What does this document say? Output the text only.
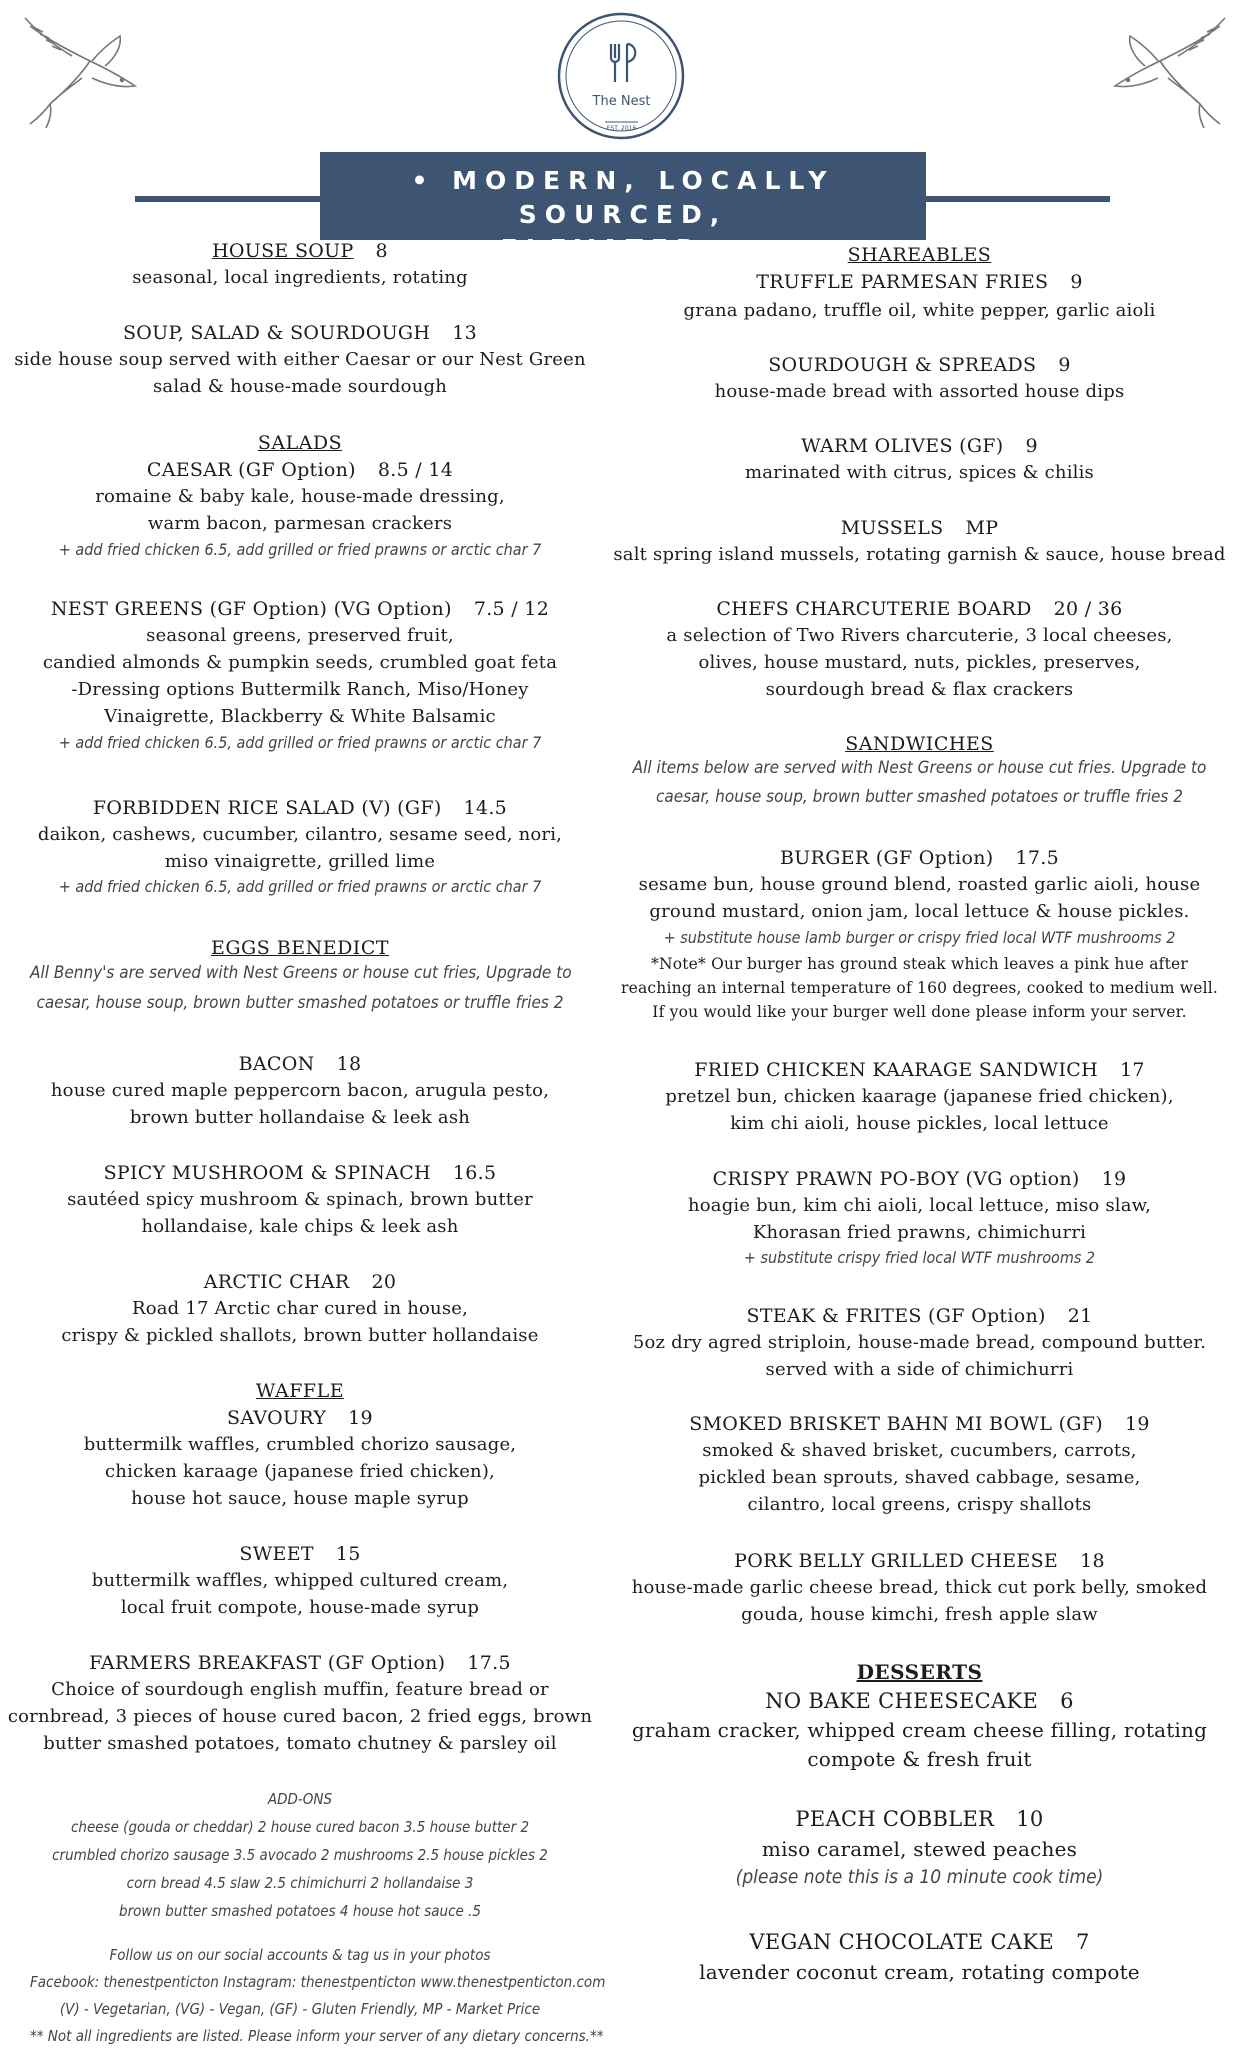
The Nest
EST. 2016
• MODERN, LOCALLY SOURCED,
ELEVATED •
HOUSE SOUP 8
seasonal, local ingredients, rotating
SOUP, SALAD & SOURDOUGH 13
side house soup served with either Caesar or our Nest Green
salad & house-made sourdough
SALADS
CAESAR (GF Option) 8.5 / 14
romaine & baby kale, house-made dressing,
warm bacon, parmesan crackers
+ add fried chicken 6.5, add grilled or fried prawns or arctic char 7
NEST GREENS (GF Option) (VG Option) 7.5 / 12
seasonal greens, preserved fruit,
candied almonds & pumpkin seeds, crumbled goat feta
-Dressing options Buttermilk Ranch, Miso/Honey
Vinaigrette, Blackberry & White Balsamic
+ add fried chicken 6.5, add grilled or fried prawns or arctic char 7
FORBIDDEN RICE SALAD (V) (GF) 14.5
daikon, cashews, cucumber, cilantro, sesame seed, nori,
miso vinaigrette, grilled lime
+ add fried chicken 6.5, add grilled or fried prawns or arctic char 7
EGGS BENEDICT
All Benny's are served with Nest Greens or house cut fries, Upgrade to
caesar, house soup, brown butter smashed potatoes or truffle fries 2
BACON 18
house cured maple peppercorn bacon, arugula pesto,
brown butter hollandaise & leek ash
SPICY MUSHROOM & SPINACH 16.5
sautéed spicy mushroom & spinach, brown butter
hollandaise, kale chips & leek ash
ARCTIC CHAR 20
Road 17 Arctic char cured in house,
crispy & pickled shallots, brown butter hollandaise
WAFFLE
SAVOURY 19
buttermilk waffles, crumbled chorizo sausage,
chicken karaage (japanese fried chicken),
house hot sauce, house maple syrup
SWEET 15
buttermilk waffles, whipped cultured cream,
local fruit compote, house-made syrup
FARMERS BREAKFAST (GF Option) 17.5
Choice of sourdough english muffin, feature bread or
cornbread, 3 pieces of house cured bacon, 2 fried eggs, brown
butter smashed potatoes, tomato chutney & parsley oil
ADD-ONS
cheese (gouda or cheddar) 2 house cured bacon 3.5 house butter 2
crumbled chorizo sausage 3.5 avocado 2 mushrooms 2.5 house pickles 2
corn bread 4.5 slaw 2.5 chimichurri 2 hollandaise 3
brown butter smashed potatoes 4 house hot sauce .5
Follow us on our social accounts & tag us in your photos
Facebook: thenestpenticton Instagram: thenestpenticton www.thenestpenticton.com
(V) - Vegetarian, (VG) - Vegan, (GF) - Gluten Friendly, MP - Market Price
** Not all ingredients are listed. Please inform your server of any dietary concerns.**
SHAREABLES
TRUFFLE PARMESAN FRIES 9
grana padano, truffle oil, white pepper, garlic aioli
SOURDOUGH & SPREADS 9
house-made bread with assorted house dips
WARM OLIVES (GF) 9
marinated with citrus, spices & chilis
MUSSELS MP
salt spring island mussels, rotating garnish & sauce, house bread
CHEFS CHARCUTERIE BOARD 20 / 36
a selection of Two Rivers charcuterie, 3 local cheeses,
olives, house mustard, nuts, pickles, preserves,
sourdough bread & flax crackers
SANDWICHES
All items below are served with Nest Greens or house cut fries. Upgrade to
caesar, house soup, brown butter smashed potatoes or truffle fries 2
BURGER (GF Option) 17.5
sesame bun, house ground blend, roasted garlic aioli, house
ground mustard, onion jam, local lettuce & house pickles.
+ substitute house lamb burger or crispy fried local WTF mushrooms 2
*Note* Our burger has ground steak which leaves a pink hue after
reaching an internal temperature of 160 degrees, cooked to medium well.
If you would like your burger well done please inform your server.
FRIED CHICKEN KAARAGE SANDWICH 17
pretzel bun, chicken kaarage (japanese fried chicken),
kim chi aioli, house pickles, local lettuce
CRISPY PRAWN PO-BOY (VG option) 19
hoagie bun, kim chi aioli, local lettuce, miso slaw,
Khorasan fried prawns, chimichurri
+ substitute crispy fried local WTF mushrooms 2
STEAK & FRITES (GF Option) 21
5oz dry agred striploin, house-made bread, compound butter.
served with a side of chimichurri
SMOKED BRISKET BAHN MI BOWL (GF) 19
smoked & shaved brisket, cucumbers, carrots,
pickled bean sprouts, shaved cabbage, sesame,
cilantro, local greens, crispy shallots
PORK BELLY GRILLED CHEESE 18
house-made garlic cheese bread, thick cut pork belly, smoked
gouda, house kimchi, fresh apple slaw
DESSERTS
NO BAKE CHEESECAKE 6
graham cracker, whipped cream cheese filling, rotating
compote & fresh fruit
PEACH COBBLER 10
miso caramel, stewed peaches
(please note this is a 10 minute cook time)
VEGAN CHOCOLATE CAKE 7
lavender coconut cream, rotating compote
